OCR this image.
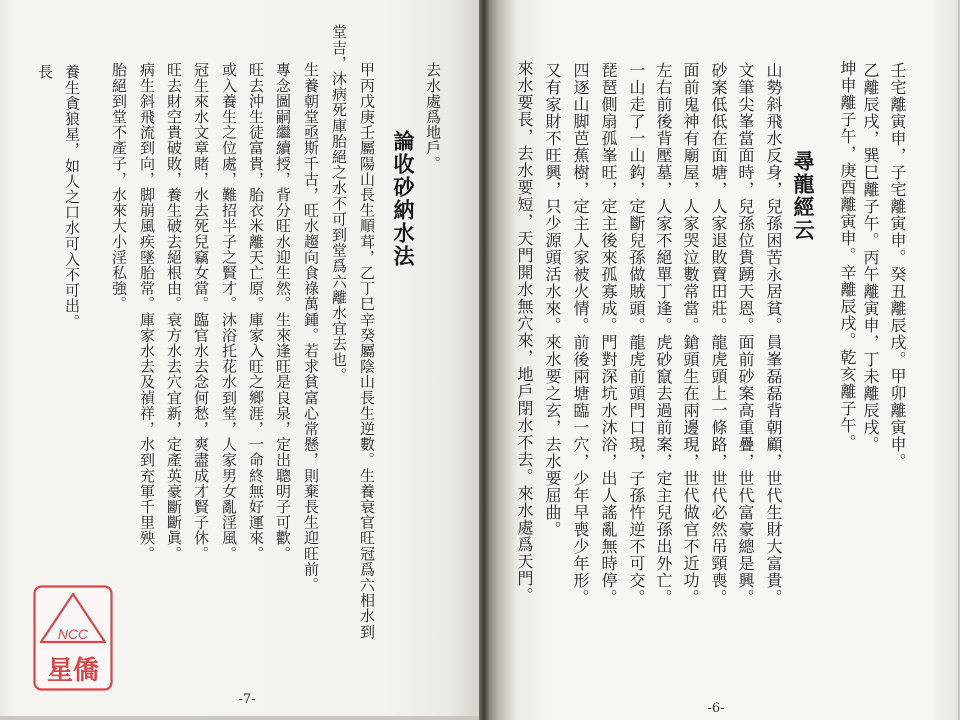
去水處爲地戶。
論收砂納水法
甲丙戊庚壬屬陽山長生順茸，乙丁巳辛癸屬陰山長生逆數。生養衰官旺冠爲六相水到
堂吉，沐病死庫胎絕之水不可到堂爲六離水宜去也。
生養朝堂亟斯千古，旺水趨向食祿萬鍾。若求貧富心常懸，則棄長生迎旺前。
專念圖嗣繼續授，背分旺水迎生然。生來逢旺是良泉，定出聰明子可歡。
旺去沖生徒富貴，胎衣米離天亡原。庫家入旺之鄉涯，一命終無好運來。
或入養生之位處，難招半子之賢才。沐浴托花水到堂，人家男女亂淫風。
冠生來水文章賭，水去死兒竊女當。臨官水去念何愁，爽盡成才賢子休。
旺去財空貴破敗，養生破去絕根由。衰方水去穴宜新，定產英豪斷斷眞。
病生斜飛流到向，脚崩風疾墜胎常。庫家水去及禎祥，水到充軍千里殃。
胎絕到堂不產子，水來大小淫私強。
養生貪狼星，如人之口水可入不可出。
長
-7-
NCC
星僑
壬宅離寅申，子宅離寅申。癸丑離辰戌。甲卯離寅申。
乙離辰戌，巽巳離子午。丙午離寅申，丁未離辰戌。
坤申離子午，庚酉離寅申。辛離辰戌。乾亥離子午。
尋龍經云
山勢斜飛水反身，兒孫困苦永居貧。員峯磊磊背朝顧，世代生財大富貴。
文筆尖峯當面時，兒孫位貴踴天恩。面前砂案高重疊，世代富豪總是興。
砂案低低在面塘，人家退敗賣田莊。龍虎頭上一條路，世代必然吊頸喪。
面前鬼神有廟屋，人家哭泣數常當。鎗頭生在兩邊現，世代做官不近功。
左右前後背壓墓，人家不絕單丁逢。虎砂竄去過前案，定主兒孫出外亡。
一山走了一山鈎，定斷兒孫做賊頭。龍虎前頭門口現，子孫忤逆不可交。
琵琶側扇孤峯旺，定主後來孤寡成。門對深坑水沐浴，出人謠亂無時停。
四逐山脚芭蕉樹，定主人家被火情。前後兩塘臨一穴，少年早喪少年形。
又有家財不旺興，只少源頭活水來。來水要之玄，去水要屈曲。
來水要長，去水要短，天門開水無穴來，地戶閉水不去。來水處爲天門。
-6-
